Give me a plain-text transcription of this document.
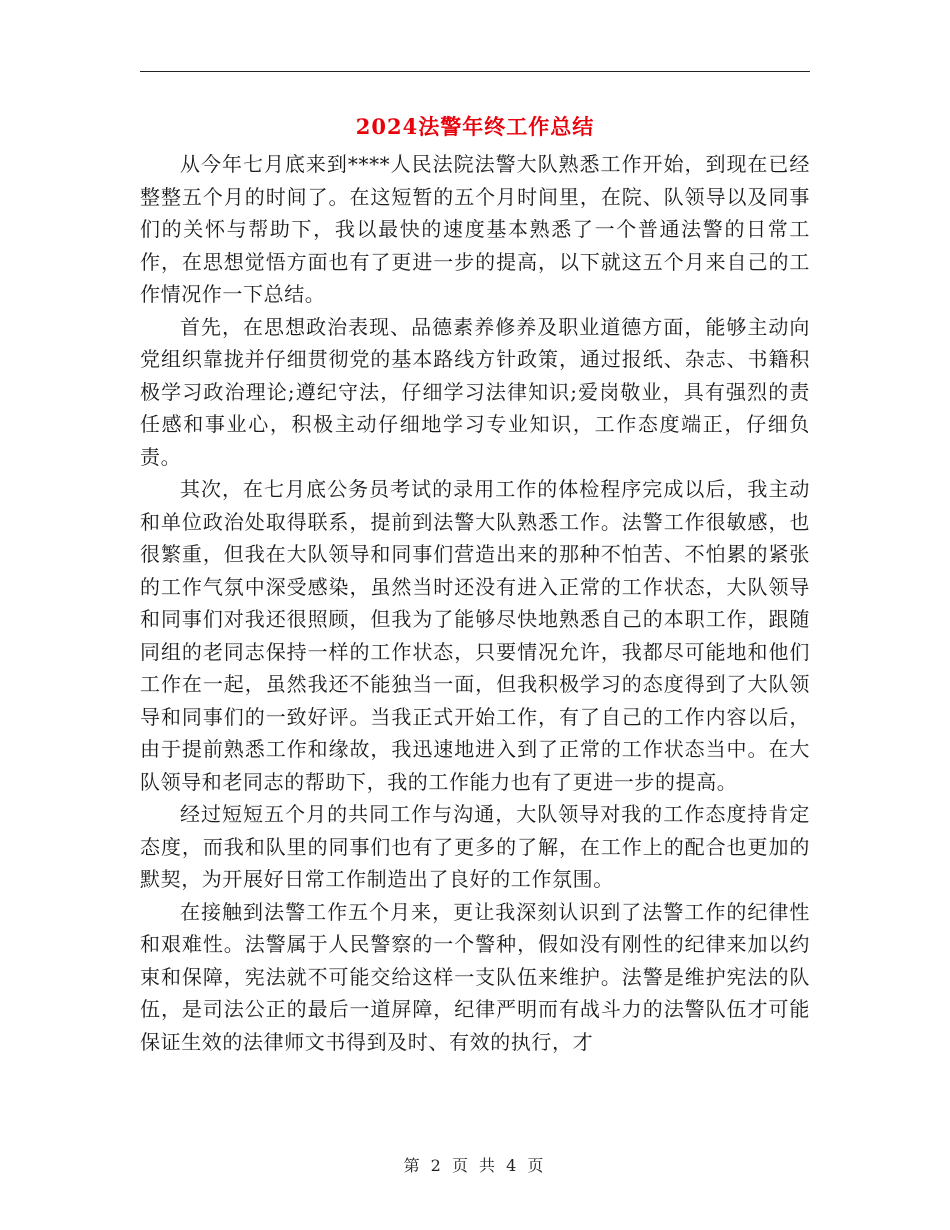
2024法警年终工作总结

从今年七月底来到****人民法院法警大队熟悉工作开始，到现在已经整整五个月的时间了。在这短暂的五个月时间里，在院、队领导以及同事们的关怀与帮助下，我以最快的速度基本熟悉了一个普通法警的日常工作，在思想觉悟方面也有了更进一步的提高，以下就这五个月来自己的工作情况作一下总结。

首先，在思想政治表现、品德素养修养及职业道德方面，能够主动向党组织靠拢并仔细贯彻党的基本路线方针政策，通过报纸、杂志、书籍积极学习政治理论;遵纪守法，仔细学习法律知识;爱岗敬业，具有强烈的责任感和事业心，积极主动仔细地学习专业知识，工作态度端正，仔细负责。

其次，在七月底公务员考试的录用工作的体检程序完成以后，我主动和单位政治处取得联系，提前到法警大队熟悉工作。法警工作很敏感，也很繁重，但我在大队领导和同事们营造出来的那种不怕苦、不怕累的紧张的工作气氛中深受感染，虽然当时还没有进入正常的工作状态，大队领导和同事们对我还很照顾，但我为了能够尽快地熟悉自己的本职工作，跟随同组的老同志保持一样的工作状态，只要情况允许，我都尽可能地和他们工作在一起，虽然我还不能独当一面，但我积极学习的态度得到了大队领导和同事们的一致好评。当我正式开始工作，有了自己的工作内容以后，由于提前熟悉工作和缘故，我迅速地进入到了正常的工作状态当中。在大队领导和老同志的帮助下，我的工作能力也有了更进一步的提高。

经过短短五个月的共同工作与沟通，大队领导对我的工作态度持肯定态度，而我和队里的同事们也有了更多的了解，在工作上的配合也更加的默契，为开展好日常工作制造出了良好的工作氛围。

在接触到法警工作五个月来，更让我深刻认识到了法警工作的纪律性和艰难性。法警属于人民警察的一个警种，假如没有刚性的纪律来加以约束和保障，宪法就不可能交给这样一支队伍来维护。法警是维护宪法的队伍，是司法公正的最后一道屏障，纪律严明而有战斗力的法警队伍才可能保证生效的法律师文书得到及时、有效的执行，才

第 2 页 共 4 页
